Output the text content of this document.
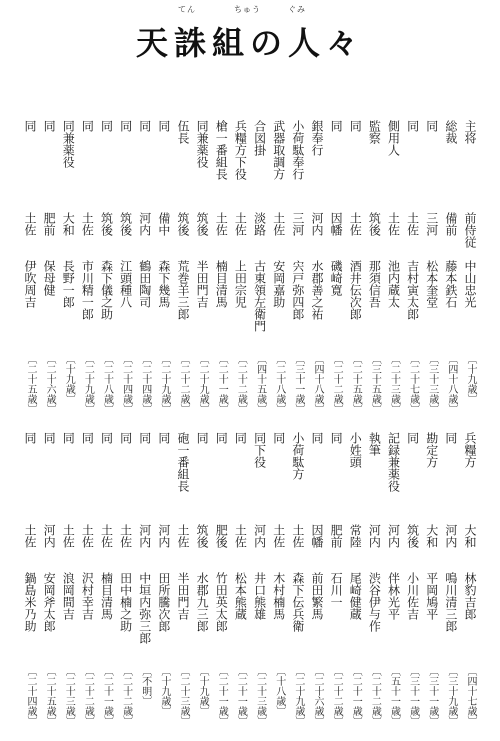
てん	ちゅう	ぐみ
天誅組の人々
主将
前侍従
中山忠光
〔十九歳〕
総裁
備前
藤本鉄石
〔四十八歳〕
同
三河
松本奎堂
〔三十三歳〕
同
土佐
吉村寅太郎
〔二十七歳〕
側用人
土佐
池内蔵太
〔二十三歳〕
監察
筑後
那須信吾
〔三十五歳〕
同
土佐
酒井伝次郎
〔二十五歳〕
同
因幡
磯崎寛
〔二十二歳〕
銀奉行
河内
水郡善之祐
〔四十八歳〕
小荷駄奉行
三河
宍戸弥四郎
〔三十一歳〕
武器取調方
土佐
安岡嘉助
〔二十八歳〕
合図掛
淡路
古東領左衛門
〔四十五歳〕
兵糧方下役
土佐
上田宗児
〔二十二歳〕
槍一番組長
土佐
楠目清馬
〔二十一歳〕
同兼薬役
筑後
半田門吉
〔二十九歳〕
伍長
筑後
荒巻羊三郎
〔二十二歳〕
同
備中
森下幾馬
〔二十九歳〕
同
河内
鶴田陶司
〔二十四歳〕
同
筑後
江頭種八
〔二十四歳〕
同
筑後
森下儀之助
〔二十八歳〕
同
土佐
市川精一郎
〔二十九歳〕
同兼薬役
大和
長野一郎
〔十九歳〕
同
肥前
保母健
〔二十六歳〕
同
土佐
伊吹周吉
〔二十五歳〕
兵糧方
大和
林豹吉郎
〔四十七歳〕
同
河内
鳴川清三郎
〔三十九歳〕
勘定方
大和
平岡鳩平
〔三十一歳〕
同
筑後
小川佐吉
〔三十一歳〕
記録兼薬役
河内
伴林光平
〔五十一歳〕
執筆
河内
渋谷伊与作
〔二十二歳〕
小姓頭
常陸
尾崎健蔵
〔二十一歳〕
同
肥前
石川一
〔二十二歳〕
同
因幡
前田繁馬
〔二十六歳〕
小荷駄方
土佐
森下伝兵衛
〔二十九歳〕
同
土佐
木村楠馬
〔十八歳〕
同下役
河内
井口熊雄
〔二十三歳〕
同
土佐
松本熊蔵
〔二十一歳〕
同
肥後
竹田英太郎
〔二十一歳〕
同
筑後
水郡九三郎
〔十九歳〕
砲一番組長
土佐
半田門吉
〔二十三歳〕
同
河内
田所騰次郎
〔十九歳〕
同
河内
中垣内弥三郎
〔不明〕
同
土佐
田中楠之助
〔二十二歳〕
同
土佐
楠目清馬
〔二十一歳〕
同
土佐
沢村幸吉
〔二十二歳〕
同
土佐
浪岡間吉
〔二十三歳〕
同
河内
安岡斧太郎
〔二十五歳〕
同
土佐
鍋島米乃助
〔二十四歳〕
